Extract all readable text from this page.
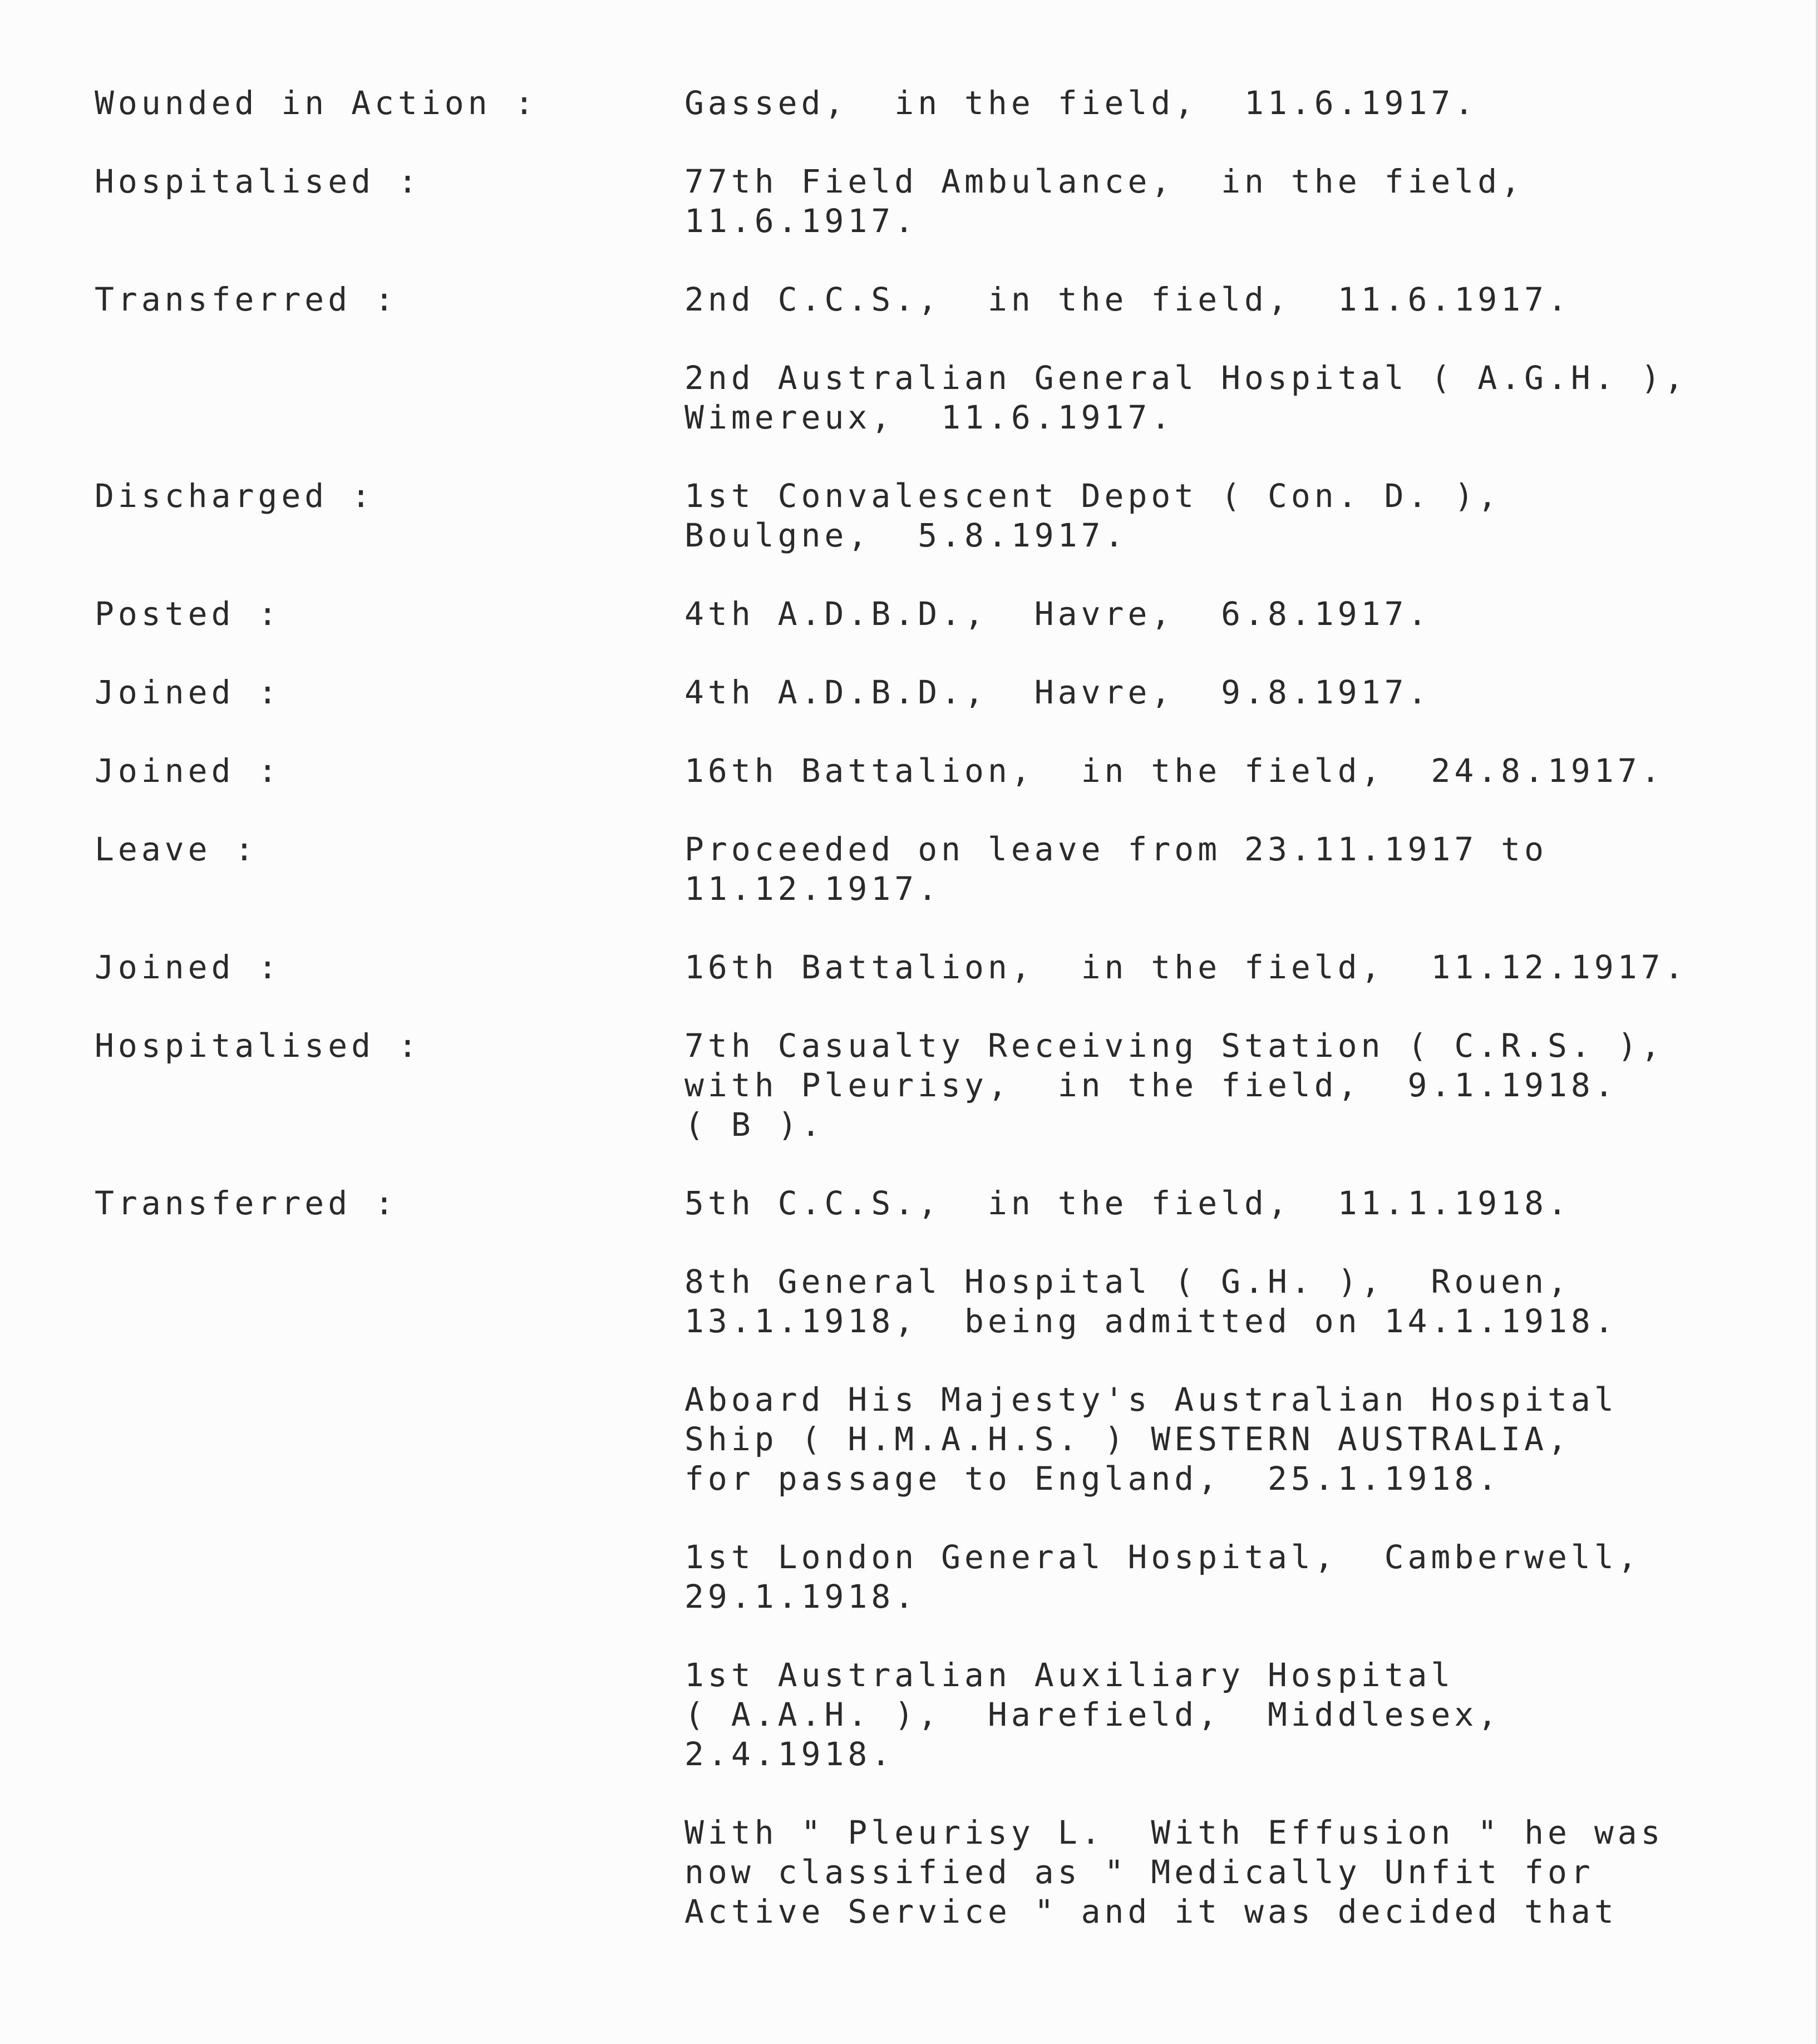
Wounded in Action :	Gassed,  in the field,  11.6.1917.
Hospitalised :	77th Field Ambulance,  in the field,
11.6.1917.
Transferred :	2nd C.C.S.,  in the field,  11.6.1917.
2nd Australian General Hospital ( A.G.H. ),
Wimereux,  11.6.1917.
Discharged :	1st Convalescent Depot ( Con. D. ),
Boulgne,  5.8.1917.
Posted :	4th A.D.B.D.,  Havre,  6.8.1917.
Joined :	4th A.D.B.D.,  Havre,  9.8.1917.
Joined :	16th Battalion,  in the field,  24.8.1917.
Leave :	Proceeded on leave from 23.11.1917 to
11.12.1917.
Joined :	16th Battalion,  in the field,  11.12.1917.
Hospitalised :	7th Casualty Receiving Station ( C.R.S. ),
with Pleurisy,  in the field,  9.1.1918.
( B ).
Transferred :	5th C.C.S.,  in the field,  11.1.1918.
8th General Hospital ( G.H. ),  Rouen,
13.1.1918,  being admitted on 14.1.1918.
Aboard His Majesty's Australian Hospital
Ship ( H.M.A.H.S. ) WESTERN AUSTRALIA,
for passage to England,  25.1.1918.
1st London General Hospital,  Camberwell,
29.1.1918.
1st Australian Auxiliary Hospital
( A.A.H. ),  Harefield,  Middlesex,
2.4.1918.
With " Pleurisy L.  With Effusion " he was
now classified as " Medically Unfit for
Active Service " and it was decided that
